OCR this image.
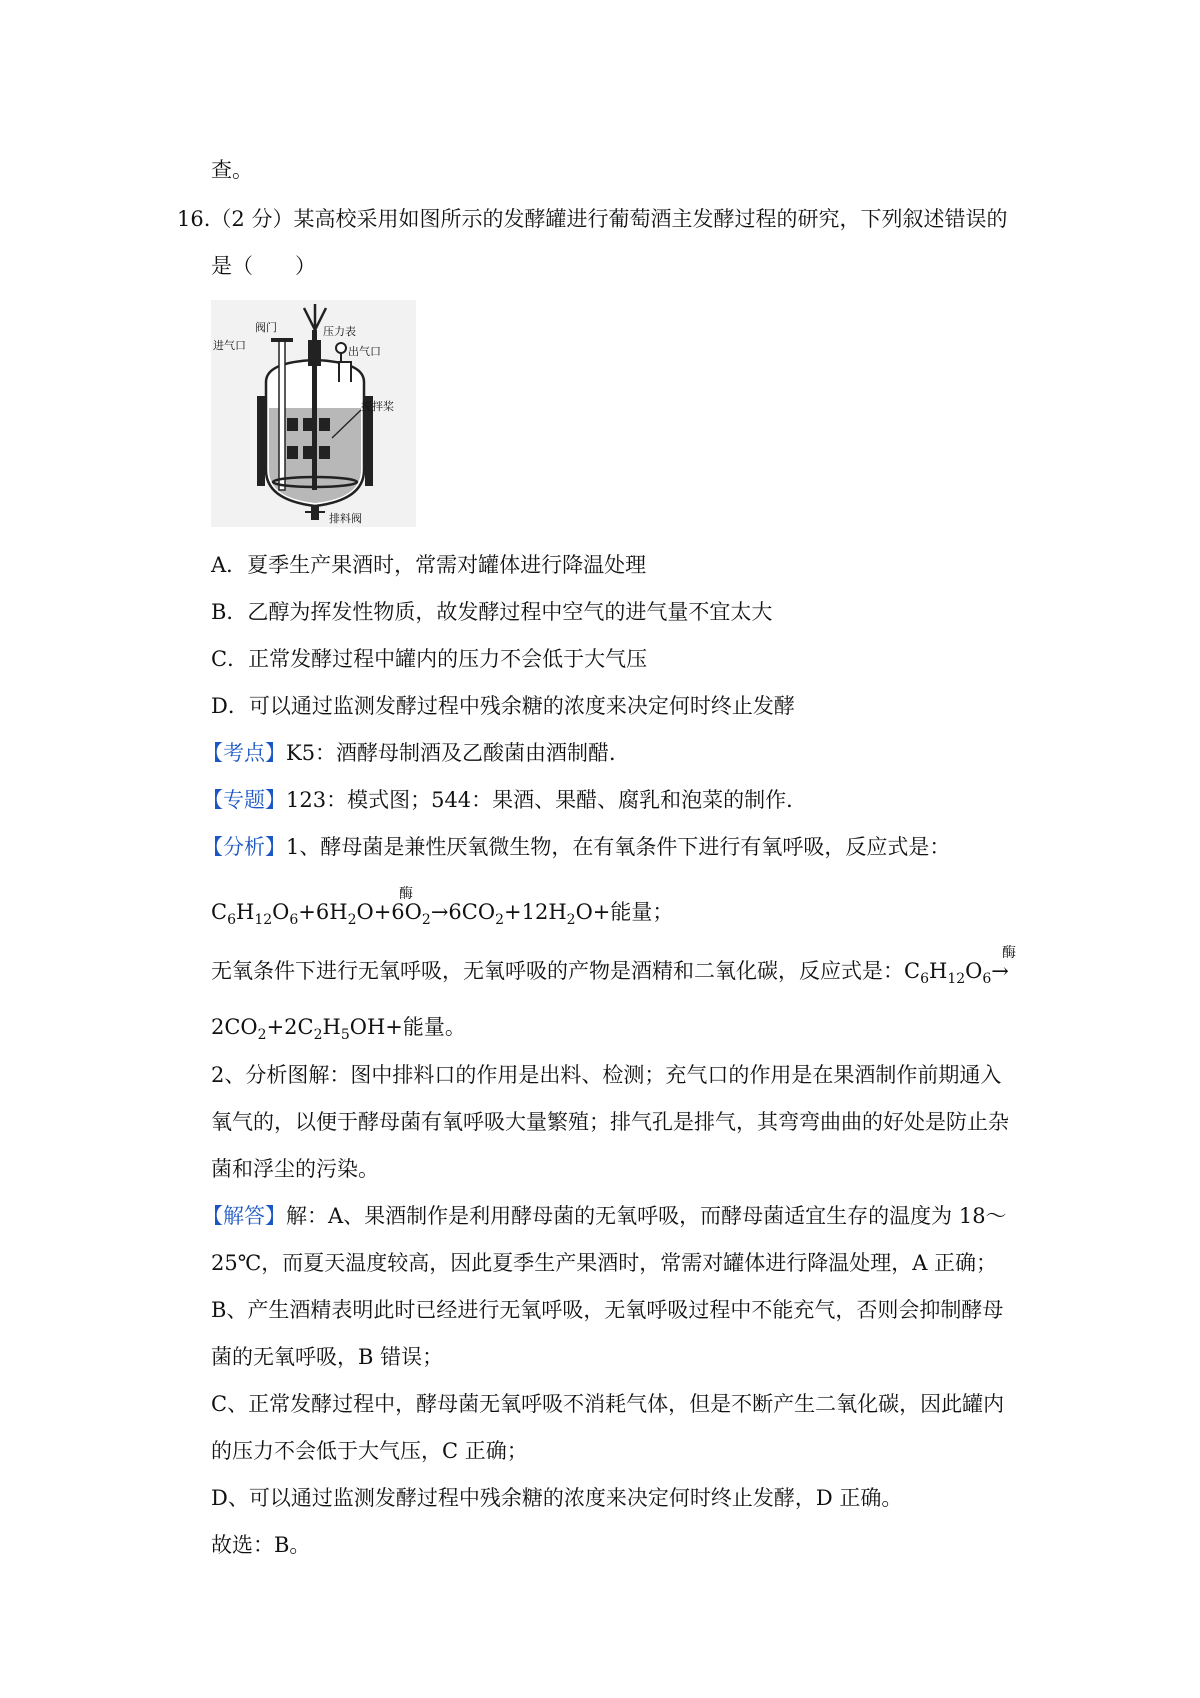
查。
16.（2 分）某高校采用如图所示的发酵罐进行葡萄酒主发酵过程的研究，下列叙述错误的
是（　　）
阀门
进气口
压力表
出气口
搅拌桨
排料阀
A．夏季生产果酒时，常需对罐体进行降温处理
B．乙醇为挥发性物质，故发酵过程中空气的进气量不宜太大
C．正常发酵过程中罐内的压力不会低于大气压
D．可以通过监测发酵过程中残余糖的浓度来决定何时终止发酵
【考点】K5：酒酵母制酒及乙酸菌由酒制醋．
【专题】123：模式图；544：果酒、果醋、腐乳和泡菜的制作．
【分析】1、酵母菌是兼性厌氧微生物，在有氧条件下进行有氧呼吸，反应式是：
酶
$C_6H_{12}O_6+6H_2O+6O_2\to 6CO_2+12H_2O+$能量；
酶
无氧条件下进行无氧呼吸，无氧呼吸的产物是酒精和二氧化碳，反应式是：$C_6H_{12}O_6\to$
$2CO_2+2C_2H_5OH+$能量。
2、分析图解：图中排料口的作用是出料、检测；充气口的作用是在果酒制作前期通入
氧气的，以便于酵母菌有氧呼吸大量繁殖；排气孔是排气，其弯弯曲曲的好处是防止杂
菌和浮尘的污染。
【解答】解：A、果酒制作是利用酵母菌的无氧呼吸，而酵母菌适宜生存的温度为 18～
25℃，而夏天温度较高，因此夏季生产果酒时，常需对罐体进行降温处理，A 正确；
B、产生酒精表明此时已经进行无氧呼吸，无氧呼吸过程中不能充气，否则会抑制酵母
菌的无氧呼吸，B 错误；
C、正常发酵过程中，酵母菌无氧呼吸不消耗气体，但是不断产生二氧化碳，因此罐内
的压力不会低于大气压，C 正确；
D、可以通过监测发酵过程中残余糖的浓度来决定何时终止发酵，D 正确。
故选：B。
